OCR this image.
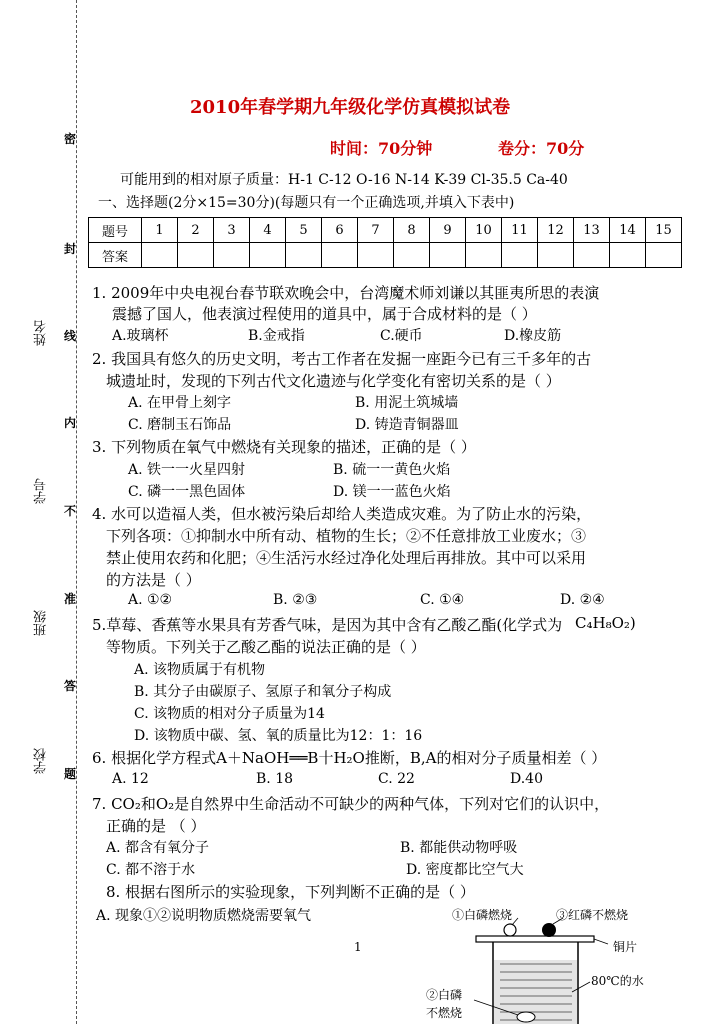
密
封
线
内
不
准
答
题
姓名
学号
班级
学校
2010年春学期九年级化学仿真模拟试卷
时间：70分钟	卷分：70分
可能用到的相对原子质量：H-1 C-12 O-16 N-14 K-39 Cl-35.5 Ca-40
一、选择题(2分×15=30分)(每题只有一个正确选项,并填入下表中)
题号	1	2	3	4	5	6	7	8	9	10	11	12	13	14	15
答案															
1. 2009年中央电视台春节联欢晚会中，台湾魔术师刘谦以其匪夷所思的表演
震撼了国人，他表演过程使用的道具中，属于合成材料的是（ ）
A.玻璃杯	B.金戒指	C.硬币	D.橡皮筋
2. 我国具有悠久的历史文明，考古工作者在发掘一座距今已有三千多年的古
城遗址时，发现的下列古代文化遗迹与化学变化有密切关系的是（ ）
A. 在甲骨上刻字	B. 用泥土筑城墙
C. 磨制玉石饰品	D. 铸造青铜器皿
3. 下列物质在氧气中燃烧有关现象的描述，正确的是（ ）
A. 铁一一火星四射	B. 硫一一黄色火焰
C. 磷一一黑色固体	D. 镁一一蓝色火焰
4. 水可以造福人类，但水被污染后却给人类造成灾难。为了防止水的污染，
下列各项：①抑制水中所有动、植物的生长；②不任意排放工业废水；③
禁止使用农药和化肥；④生活污水经过净化处理后再排放。其中可以采用
的方法是（ ）
A. ①②	B. ②③	C. ①④	D. ②④
5.草莓、香蕉等水果具有芳香气味，是因为其中含有乙酸乙酯(化学式为 C₄H₈O₂)
等物质。下列关于乙酸乙酯的说法正确的是（ ）
A. 该物质属于有机物
B. 其分子由碳原子、氢原子和氧分子构成
C. 该物质的相对分子质量为14
D. 该物质中碳、氢、氧的质量比为12：1：16
6. 根据化学方程式A＋NaOH══B十H₂O推断，B,A的相对分子质量相差（ ）
A. 12	B. 18	C. 22	D.40
7. CO₂和O₂是自然界中生命活动不可缺少的两种气体，下列对它们的认识中，
正确的是 （ ）
A. 都含有氧分子	B. 都能供动物呼吸
C. 都不溶于水	D. 密度都比空气大
8. 根据右图所示的实验现象，下列判断不正确的是（ ）
A. 现象①②说明物质燃烧需要氧气
1
①白磷燃烧	③红磷不燃烧
铜片
80℃的水
②白磷
不燃烧
